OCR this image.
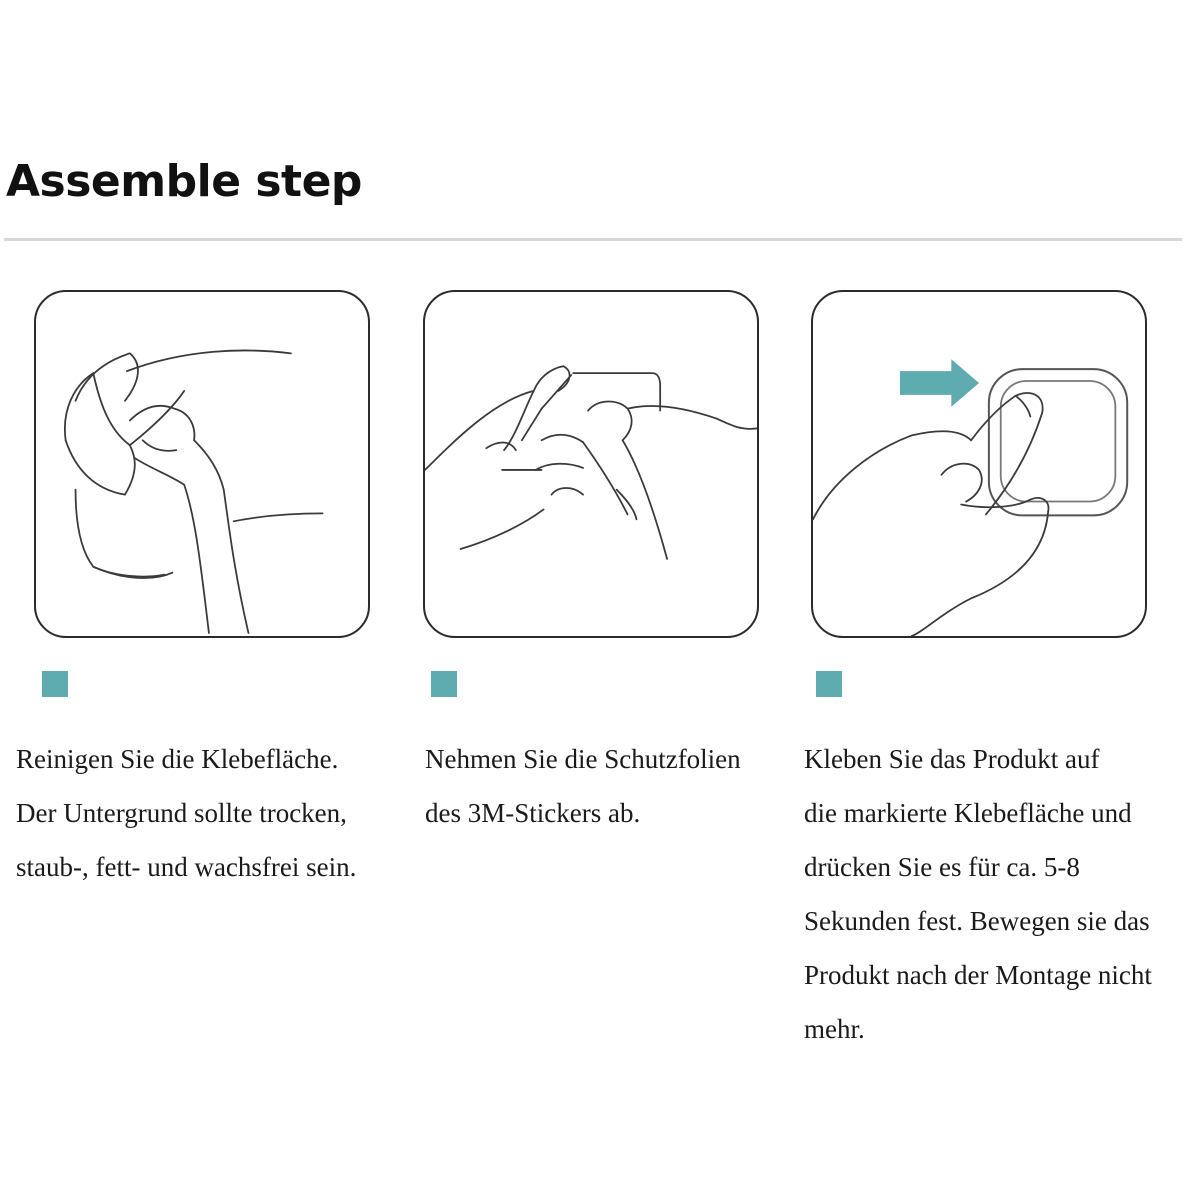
Assemble step
Reinigen Sie die Klebefläche.
Der Untergrund sollte trocken,
staub-, fett- und wachsfrei sein.
Nehmen Sie die Schutzfolien
des 3M-Stickers ab.
Kleben Sie das Produkt auf
die markierte Klebefläche und
drücken Sie es für ca. 5-8
Sekunden fest. Bewegen sie das
Produkt nach der Montage nicht
mehr.
